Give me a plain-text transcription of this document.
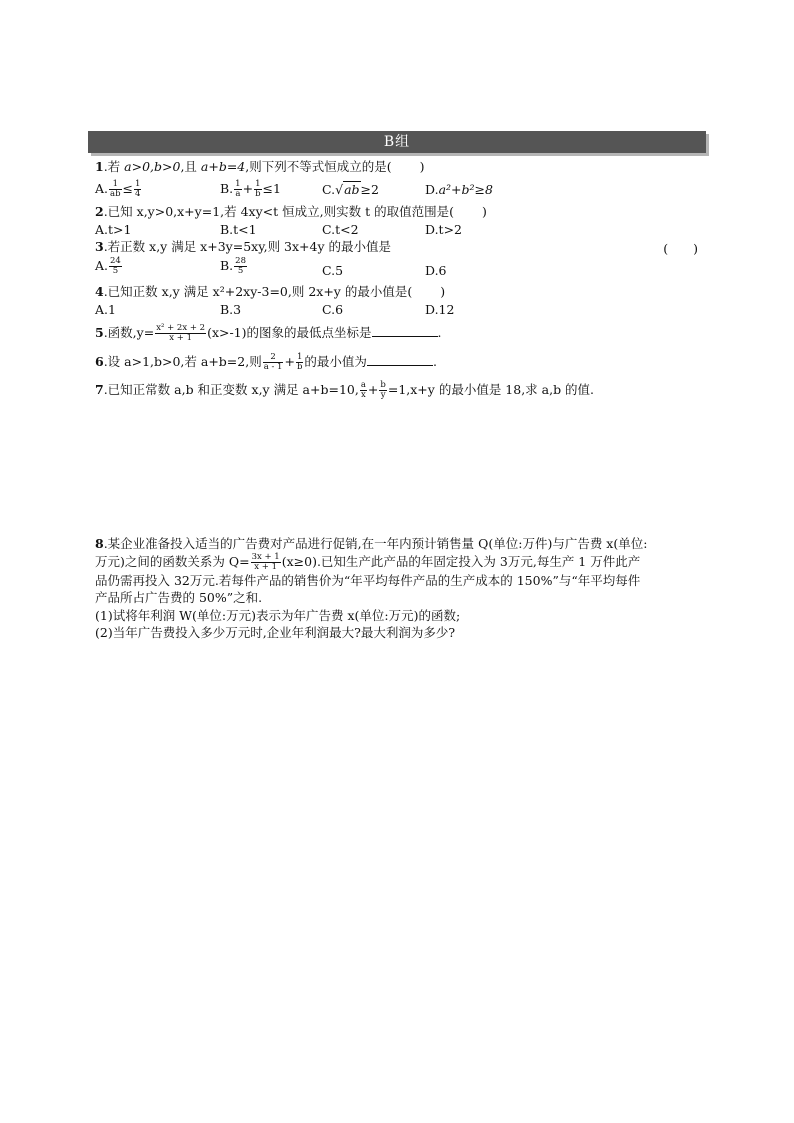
B组
1.若 a>0,b>0,且 a+b=4,则下列不等式恒成立的是( )
A. $\frac{1}{ab} \le \frac{1}{4}$	B. $\frac{1}{a} + \frac{1}{b} \le 1$	C.√ab≥2	D.a²+b²≥8
2.已知 x,y>0,x+y=1,若 4xy<t 恒成立,则实数 t 的取值范围是( )
A.t>1	B.t<1	C.t<2	D.t>2
3.若正数 x,y 满足 x+3y=5xy,则 3x+4y 的最小值是	(　　)
A. $\frac{24}{5}$	B. $\frac{28}{5}$	C.5	D.6
4.已知正数 x,y 满足 x²+2xy-3=0,则 2x+y 的最小值是( )
A.1	B.3	C.6	D.12
5.函数$,y= \frac{\text{x² + 2x + 2}}{x + 1} (x>-1)$的图象的最低点坐标是	.
6.设 a>1,b>0,若 a+b=2,则 $\frac{2}{a - 1} + \frac{1}{b}$ 的最小值为	.
7.已知正常数 a,b 和正变数 x,y 满足 a+b=10, $\frac{a}{x} + \frac{b}{y} =1,x+y$ 的最小值是 18,求 a,b 的值.
8.某企业准备投入适当的广告费对产品进行促销,在一年内预计销售量 Q(单位:万件)与广告费 x(单位:
万元)之间的函数关系为 $Q= \frac{3x + 1}{x + 1} (x\ge 0)$.已知生产此产品的年固定投入为 3万元,每生产 1 万件此产
品仍需再投入 32万元.若每件产品的销售价为“年平均每件产品的生产成本的 150%”与“年平均每件
产品所占广告费的 50%”之和.
(1)试将年利润 W(单位:万元)表示为年广告费 x(单位:万元)的函数;
(2)当年广告费投入多少万元时,企业年利润最大?最大利润为多少?
